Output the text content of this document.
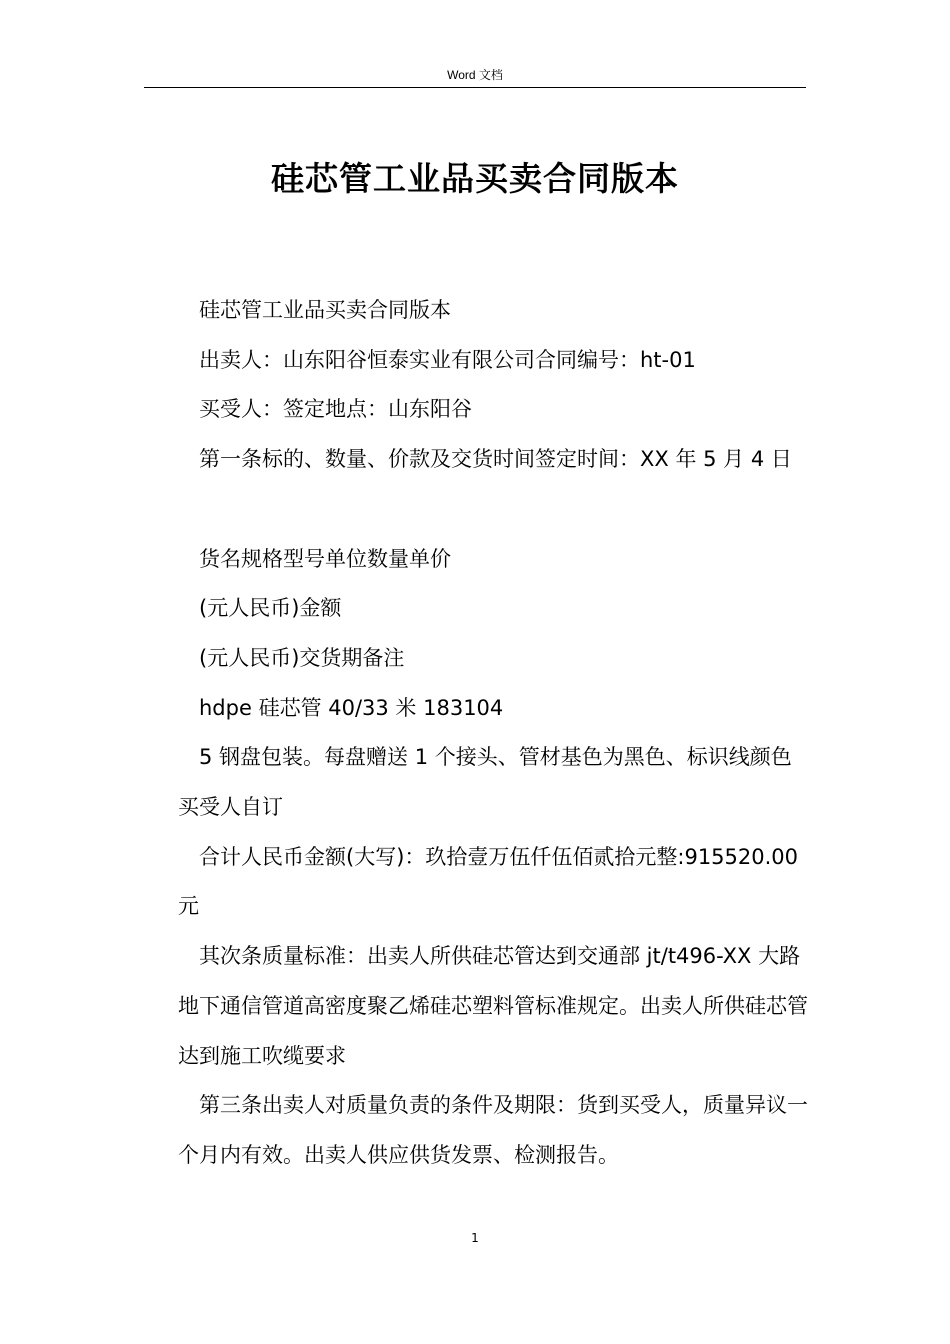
Word 文档
硅芯管工业品买卖合同版本

硅芯管工业品买卖合同版本

出卖人：山东阳谷恒泰实业有限公司合同编号：ht-01

买受人：签定地点：山东阳谷

第一条标的、数量、价款及交货时间签定时间：XX 年 5 月 4 日

货名规格型号单位数量单价

(元人民币)金额

(元人民币)交货期备注

hdpe 硅芯管 40/33 米 183104

5 钢盘包装。每盘赠送 1 个接头、管材基色为黑色、标识线颜色买受人自订

合计人民币金额(大写)：玖拾壹万伍仟伍佰贰拾元整:915520.00 元

其次条质量标准：出卖人所供硅芯管达到交通部 jt/t496-XX 大路地下通信管道高密度聚乙烯硅芯塑料管标准规定。出卖人所供硅芯管达到施工吹缆要求

第三条出卖人对质量负责的条件及期限：货到买受人，质量异议一个月内有效。出卖人供应供货发票、检测报告。

1
